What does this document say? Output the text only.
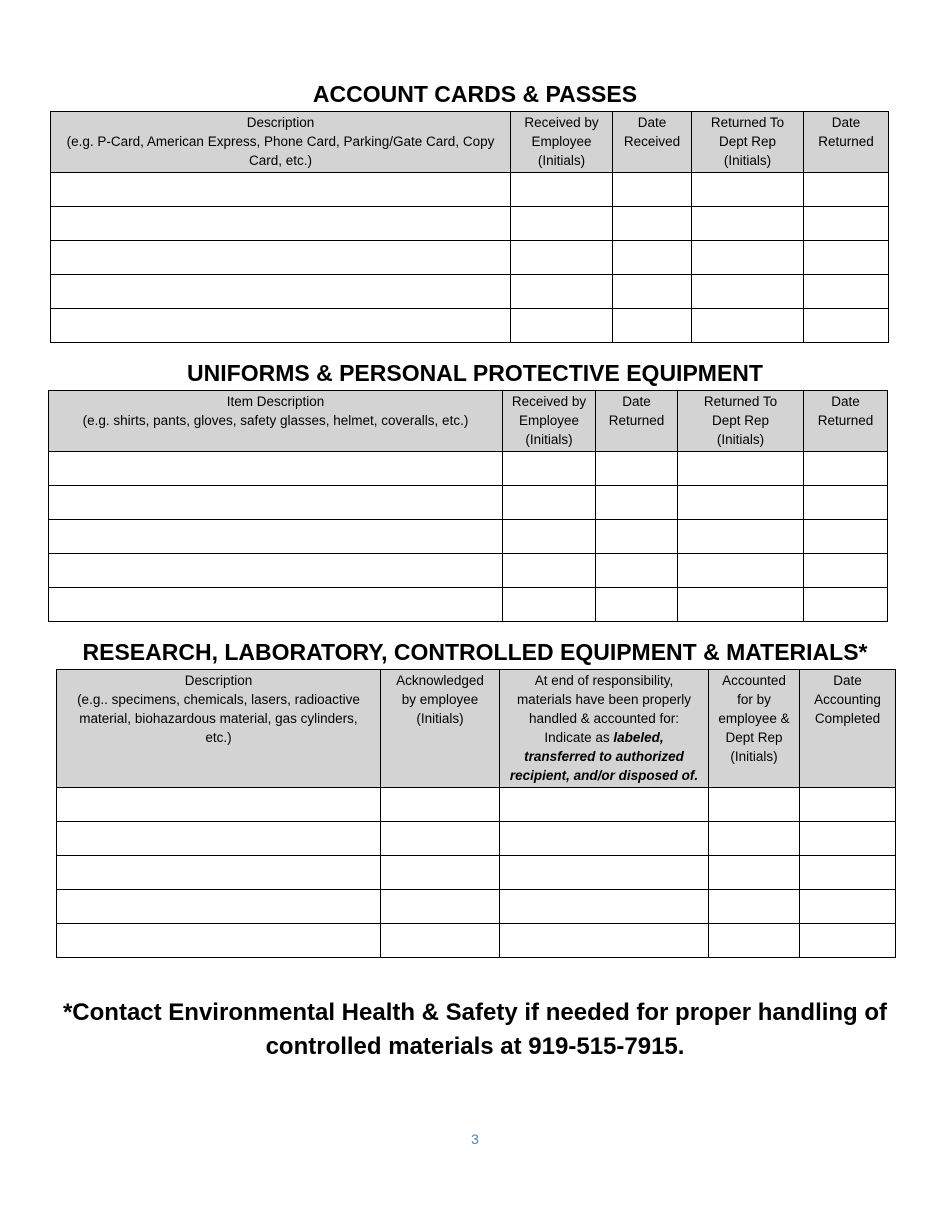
ACCOUNT CARDS & PASSES
Description
(e.g. P-Card, American Express, Phone Card, Parking/Gate Card, Copy Card, etc.)	Received by Employee (Initials)	Date Received	Returned To Dept Rep (Initials)	Date Returned

UNIFORMS & PERSONAL PROTECTIVE EQUIPMENT
Item Description
(e.g. shirts, pants, gloves, safety glasses, helmet, coveralls, etc.)	Received by Employee (Initials)	Date Returned	Returned To Dept Rep (Initials)	Date Returned

RESEARCH, LABORATORY, CONTROLLED EQUIPMENT & MATERIALS*
Description
(e.g.. specimens, chemicals, lasers, radioactive material, biohazardous material, gas cylinders, etc.)	Acknowledged by employee (Initials)	At end of responsibility, materials have been properly handled & accounted for: Indicate as labeled, transferred to authorized recipient, and/or disposed of.	Accounted for by employee & Dept Rep (Initials)	Date Accounting Completed

*Contact Environmental Health & Safety if needed for proper handling of controlled materials at 919-515-7915.
3
